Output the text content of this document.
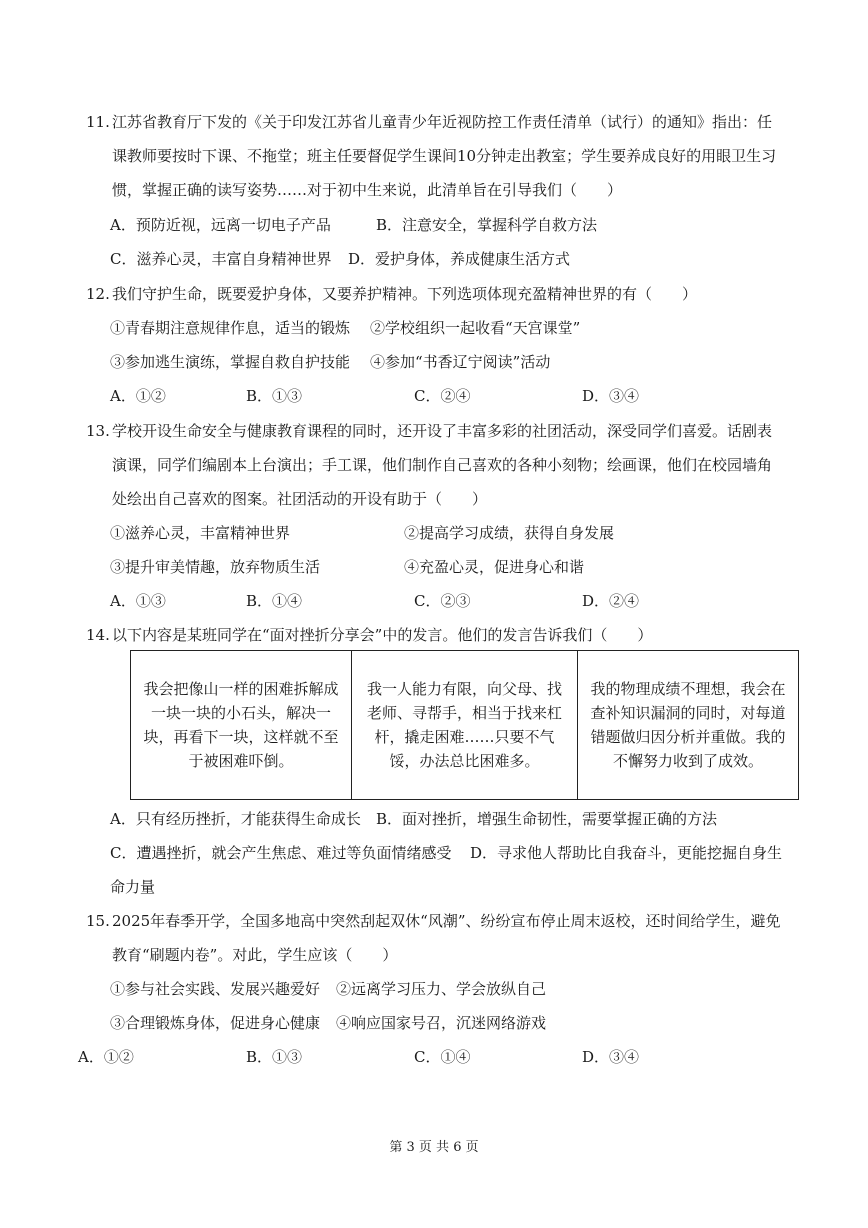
11. 江苏省教育厅下发的《关于印发江苏省儿童青少年近视防控工作责任清单（试行）的通知》指出：任
课教师要按时下课、不拖堂；班主任要督促学生课间10分钟走出教室；学生要养成良好的用眼卫生习
惯，掌握正确的读写姿势……对于初中生来说，此清单旨在引导我们（　　）
A．预防近视，远离一切电子产品	B．注意安全，掌握科学自救方法
C．滋养心灵，丰富自身精神世界 D．爱护身体，养成健康生活方式
12. 我们守护生命，既要爱护身体，又要养护精神。下列选项体现充盈精神世界的有（　　）
①青春期注意规律作息，适当的锻炼 ②学校组织一起收看“天宫课堂”
③参加逃生演练，掌握自救自护技能 ④参加“书香辽宁阅读”活动
A．①②	B．①③	C．②④	D．③④
13. 学校开设生命安全与健康教育课程的同时，还开设了丰富多彩的社团活动，深受同学们喜爱。话剧表
演课，同学们编剧本上台演出；手工课，他们制作自己喜欢的各种小刻物；绘画课，他们在校园墙角
处绘出自己喜欢的图案。社团活动的开设有助于（　　）
①滋养心灵，丰富精神世界	②提高学习成绩，获得自身发展
③提升审美情趣，放弃物质生活	④充盈心灵，促进身心和谐
A．①③	B．①④	C．②③	D．②④
14. 以下内容是某班同学在“面对挫折分享会”中的发言。他们的发言告诉我们（　　）
我会把像山一样的困难拆解成一块一块的小石头，解决一块，再看下一块，这样就不至于被困难吓倒。	我一人能力有限，向父母、找老师、寻帮手，相当于找来杠杆，撬走困难……只要不气馁，办法总比困难多。	我的物理成绩不理想，我会在查补知识漏洞的同时，对每道错题做归因分析并重做。我的不懈努力收到了成效。
A．只有经历挫折，才能获得生命成长 B．面对挫折，增强生命韧性，需要掌握正确的方法
C．遭遇挫折，就会产生焦虑、难过等负面情绪感受 D．寻求他人帮助比自我奋斗，更能挖掘自身生
命力量
15. 2025年春季开学，全国多地高中突然刮起双休“风潮”、纷纷宣布停止周末返校，还时间给学生，避免
教育“刷题内卷”。对此，学生应该（　　）
①参与社会实践、发展兴趣爱好 ②远离学习压力、学会放纵自己
③合理锻炼身体，促进身心健康 ④响应国家号召，沉迷网络游戏
A．①②	B．①③	C．①④	D．③④
第 3 页 共 6 页
